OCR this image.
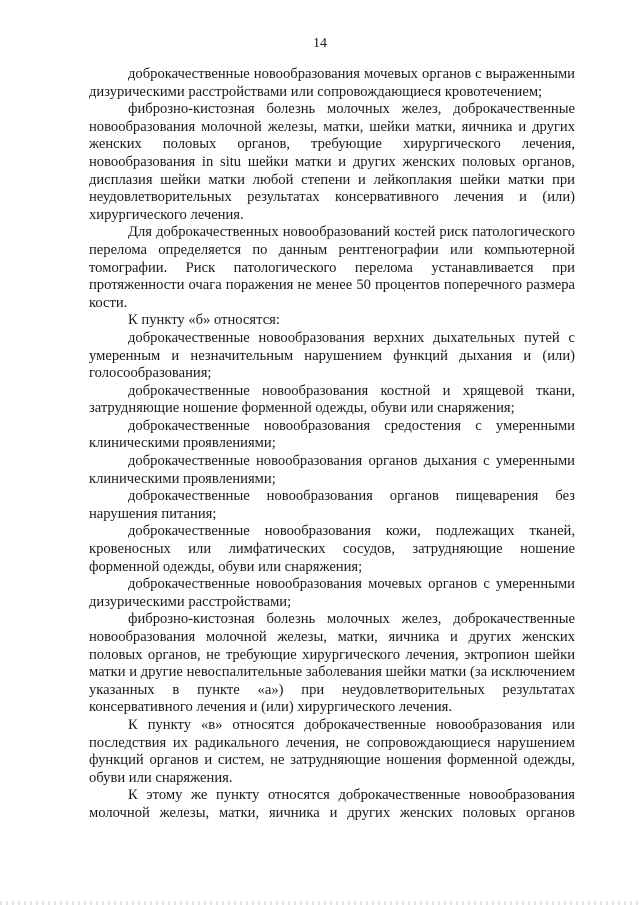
14

доброкачественные новообразования мочевых органов с выраженными дизурическими расстройствами или сопровождающиеся кровотечением;

фиброзно-кистозная болезнь молочных желез, доброкачественные новообразования молочной железы, матки, шейки матки, яичника и других женских половых органов, требующие хирургического лечения, новообразования in situ шейки матки и других женских половых органов, дисплазия шейки матки любой степени и лейкоплакия шейки матки при неудовлетворительных результатах консервативного лечения и (или) хирургического лечения.

Для доброкачественных новообразований костей риск патологического перелома определяется по данным рентгенографии или компьютерной томографии. Риск патологического перелома устанавливается при протяженности очага поражения не менее 50 процентов поперечного размера кости.

К пункту «б» относятся:

доброкачественные новообразования верхних дыхательных путей с умеренным и незначительным нарушением функций дыхания и (или) голосообразования;

доброкачественные новообразования костной и хрящевой ткани, затрудняющие ношение форменной одежды, обуви или снаряжения;

доброкачественные новообразования средостения с умеренными клиническими проявлениями;

доброкачественные новообразования органов дыхания с умеренными клиническими проявлениями;

доброкачественные новообразования органов пищеварения без нарушения питания;

доброкачественные новообразования кожи, подлежащих тканей, кровеносных или лимфатических сосудов, затрудняющие ношение форменной одежды, обуви или снаряжения;

доброкачественные новообразования мочевых органов с умеренными дизурическими расстройствами;

фиброзно-кистозная болезнь молочных желез, доброкачественные новообразования молочной железы, матки, яичника и других женских половых органов, не требующие хирургического лечения, эктропион шейки матки и другие невоспалительные заболевания шейки матки (за исключением указанных в пункте «а») при неудовлетворительных результатах консервативного лечения и (или) хирургического лечения.

К пункту «в» относятся доброкачественные новообразования или последствия их радикального лечения, не сопровождающиеся нарушением функций органов и систем, не затрудняющие ношения форменной одежды, обуви или снаряжения.

К этому же пункту относятся доброкачественные новообразования молочной железы, матки, яичника и других женских половых органов
